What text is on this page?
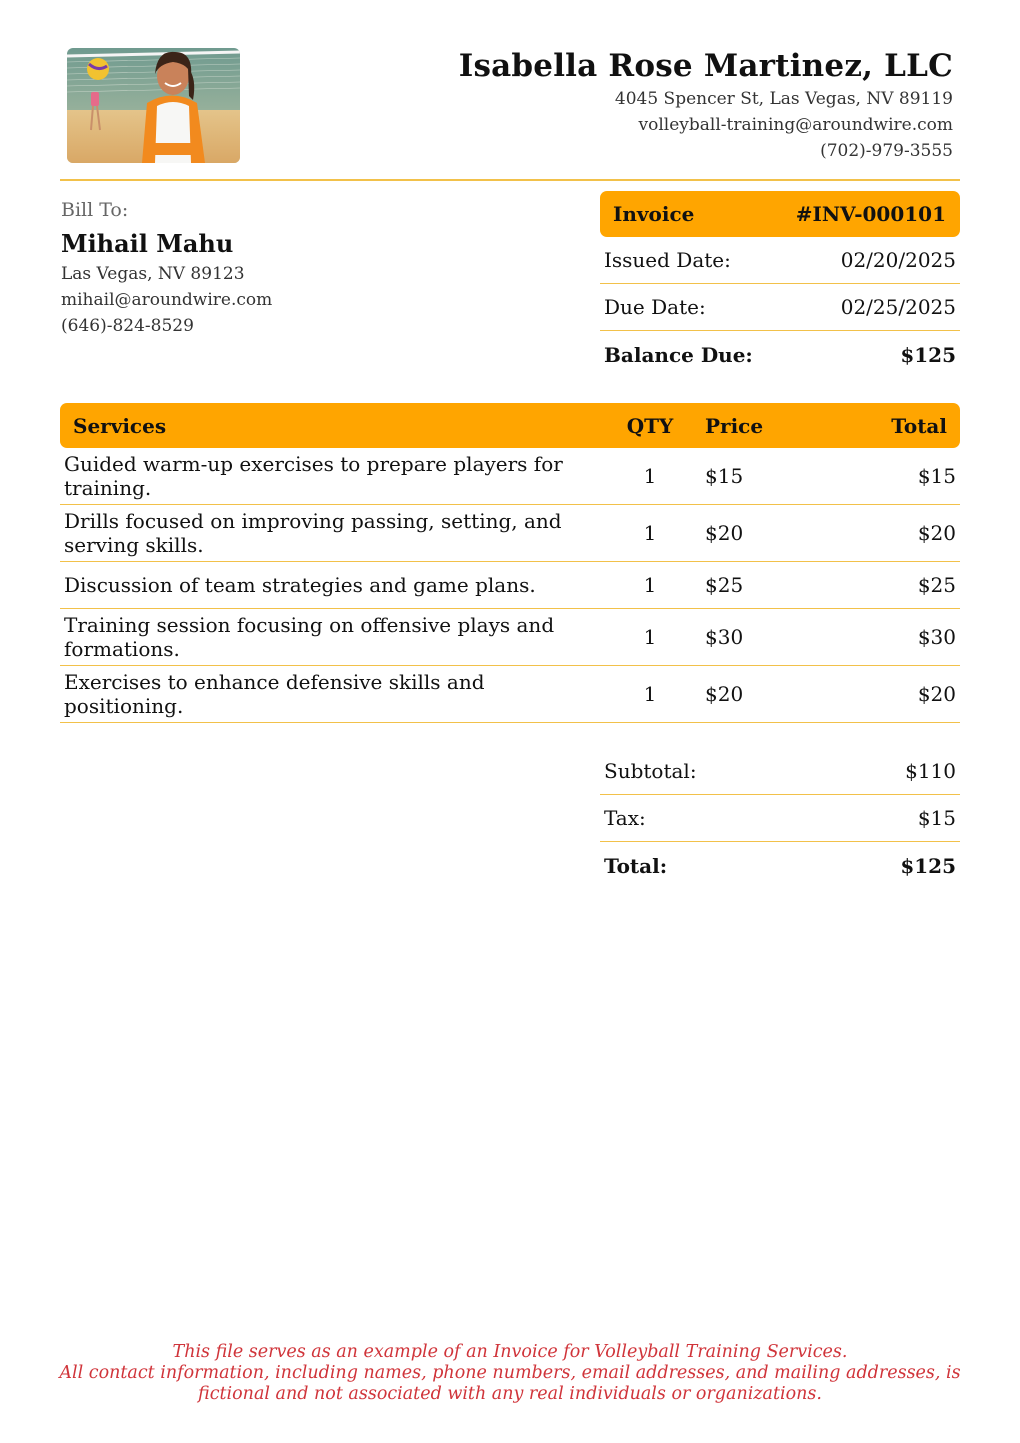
Isabella Rose Martinez, LLC
4045 Spencer St, Las Vegas, NV 89119
volleyball-training@aroundwire.com
(702)-979-3555
Bill To:
Mihail Mahu
Las Vegas, NV 89123
mihail@aroundwire.com
(646)-824-8529
Invoice	#INV-000101
Issued Date:	02/20/2025
Due Date:	02/25/2025
Balance Due:	$125
Services	QTY	Price	Total
Guided warm-up exercises to prepare players for training.	1	$15	$15
Drills focused on improving passing, setting, and serving skills.	1	$20	$20
Discussion of team strategies and game plans.	1	$25	$25
Training session focusing on offensive plays and formations.	1	$30	$30
Exercises to enhance defensive skills and positioning.	1	$20	$20
Subtotal:	$110
Tax:	$15
Total:	$125
This file serves as an example of an Invoice for Volleyball Training Services.
All contact information, including names, phone numbers, email addresses, and mailing addresses, is fictional and not associated with any real individuals or organizations.
